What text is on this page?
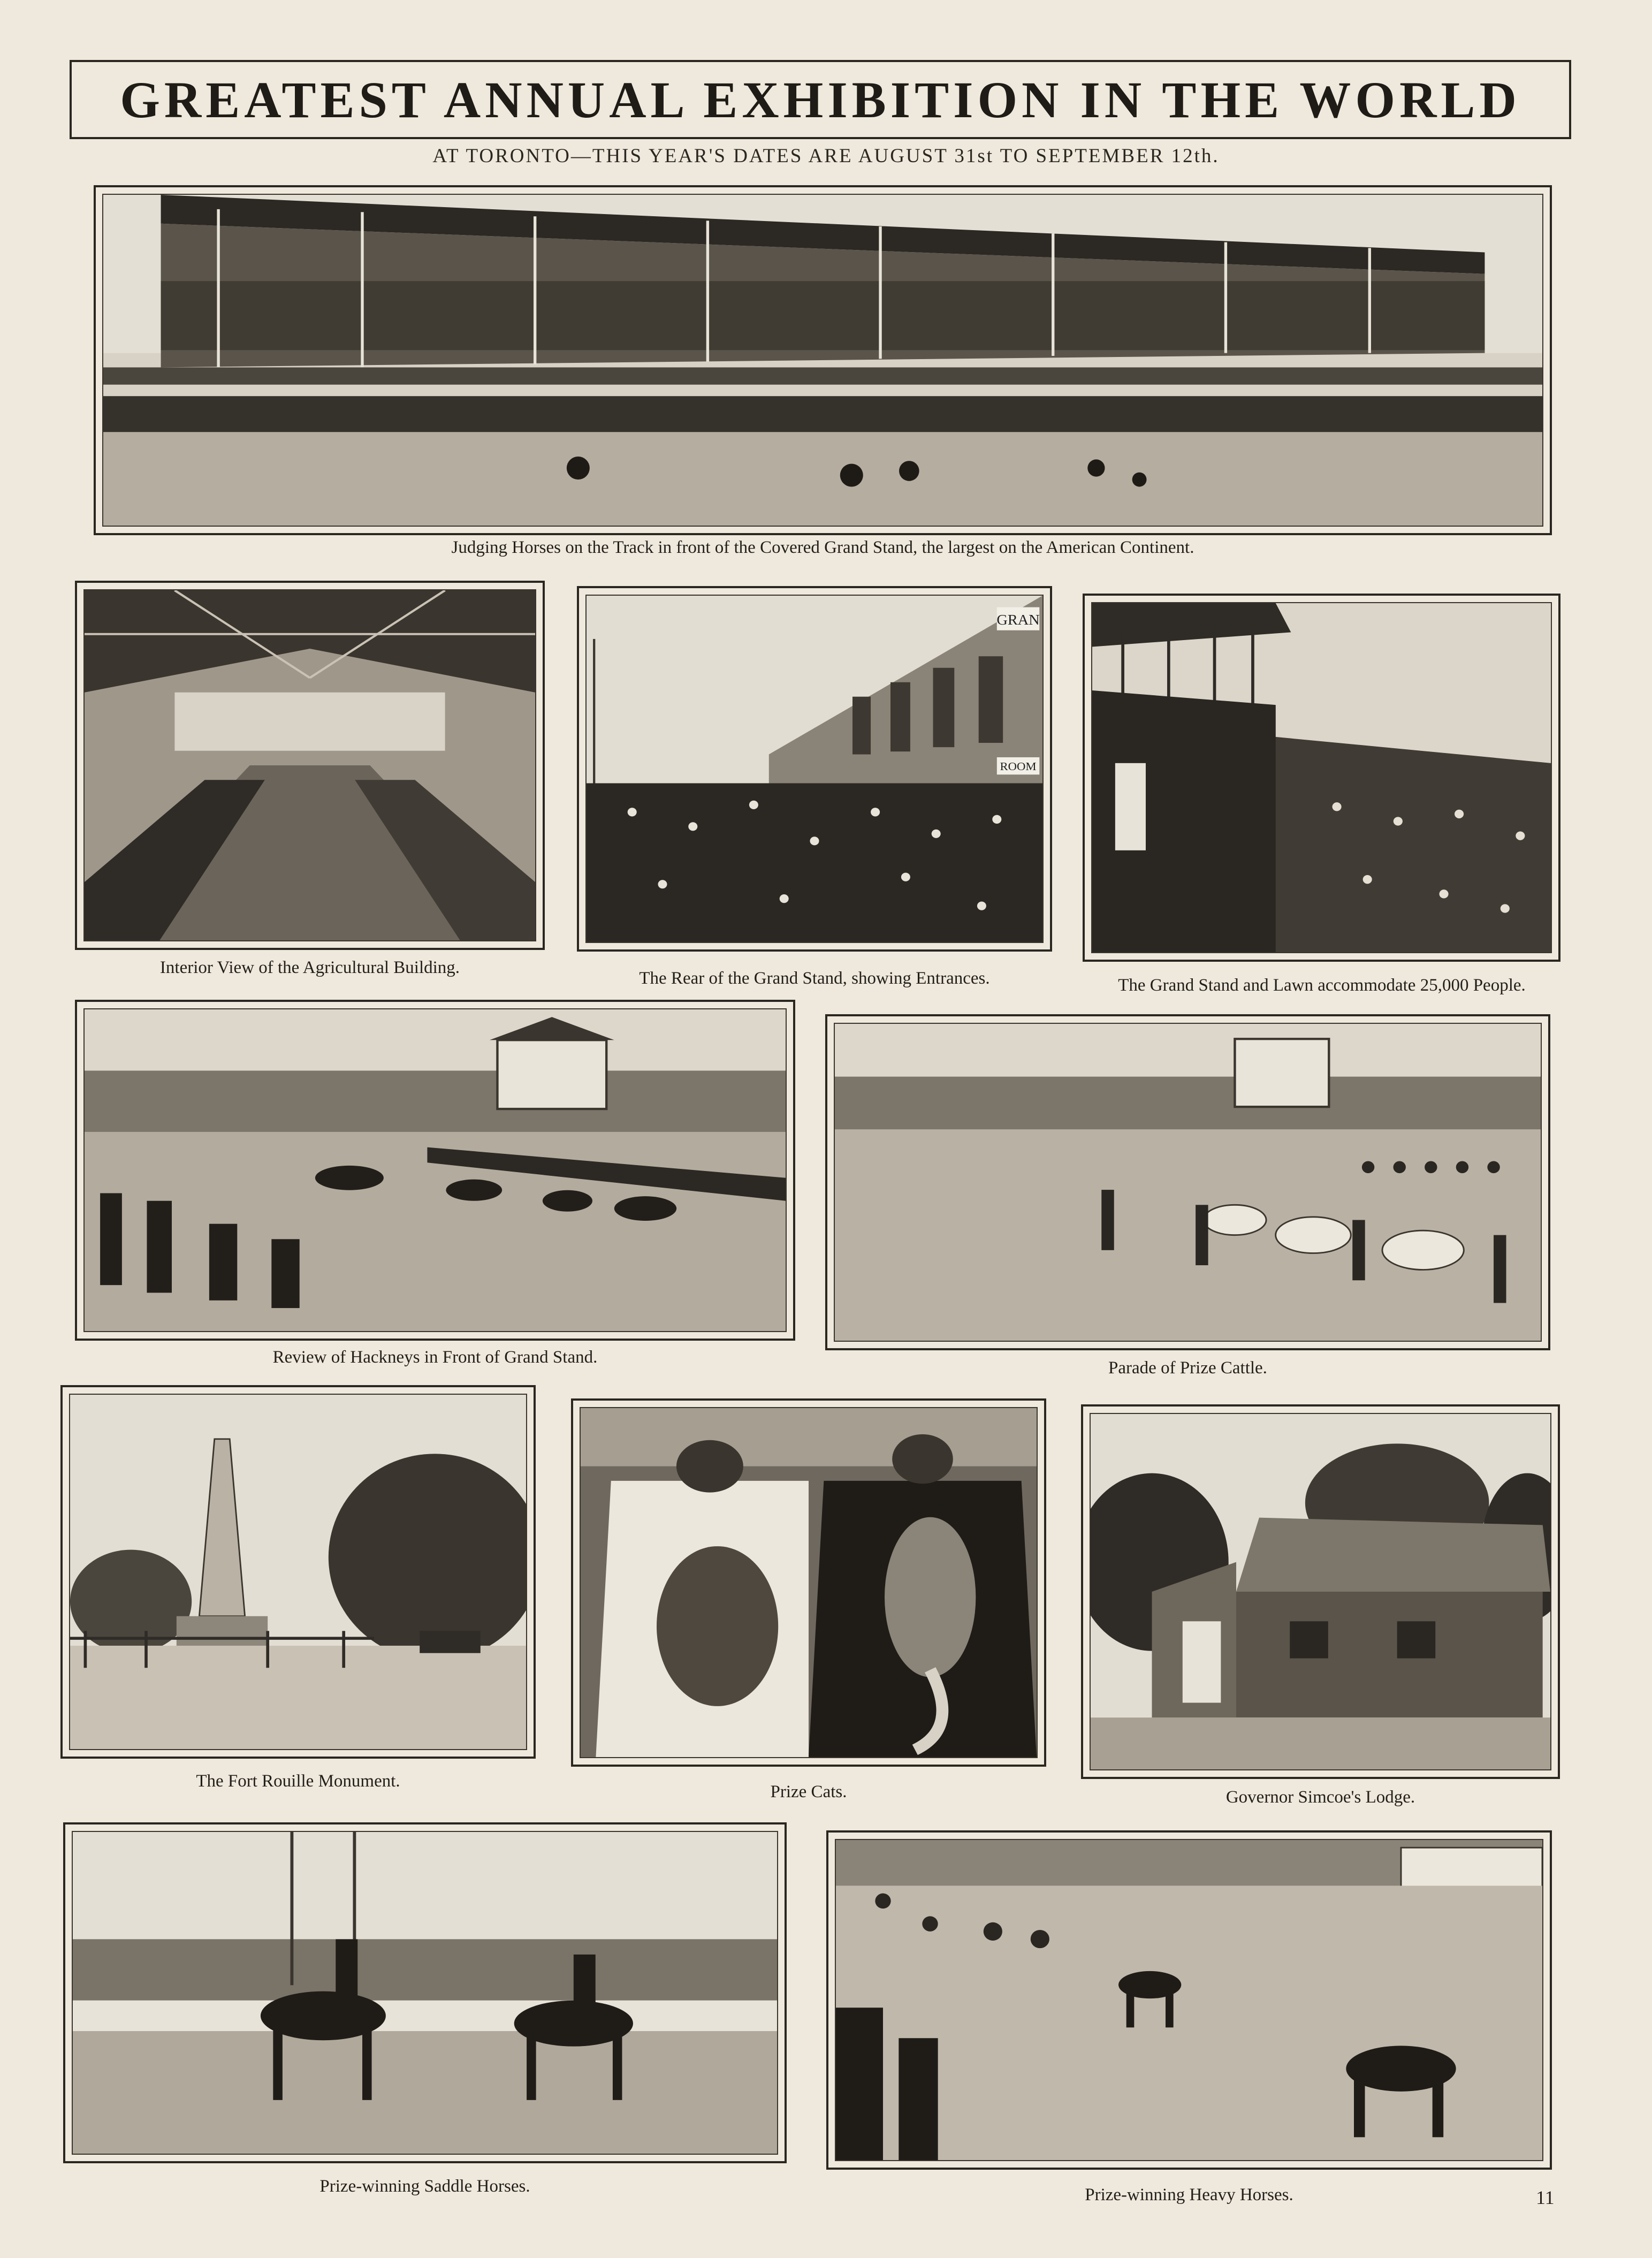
GREATEST ANNUAL EXHIBITION IN THE WORLD
AT TORONTO—THIS YEAR'S DATES ARE AUGUST 31st TO SEPTEMBER 12th.
Judging Horses on the Track in front of the Covered Grand Stand, the largest on the American Continent.
Interior View of the Agricultural Building.
GRAN
ROOM
The Rear of the Grand Stand, showing Entrances.	The Grand Stand and Lawn accommodate 25,000 People.
Review of Hackneys in Front of Grand Stand.
Parade of Prize Cattle.
The Fort Rouille Monument.
Prize Cats.	Governor Simcoe's Lodge.
Prize-winning Saddle Horses.	Prize-winning Heavy Horses.	11
